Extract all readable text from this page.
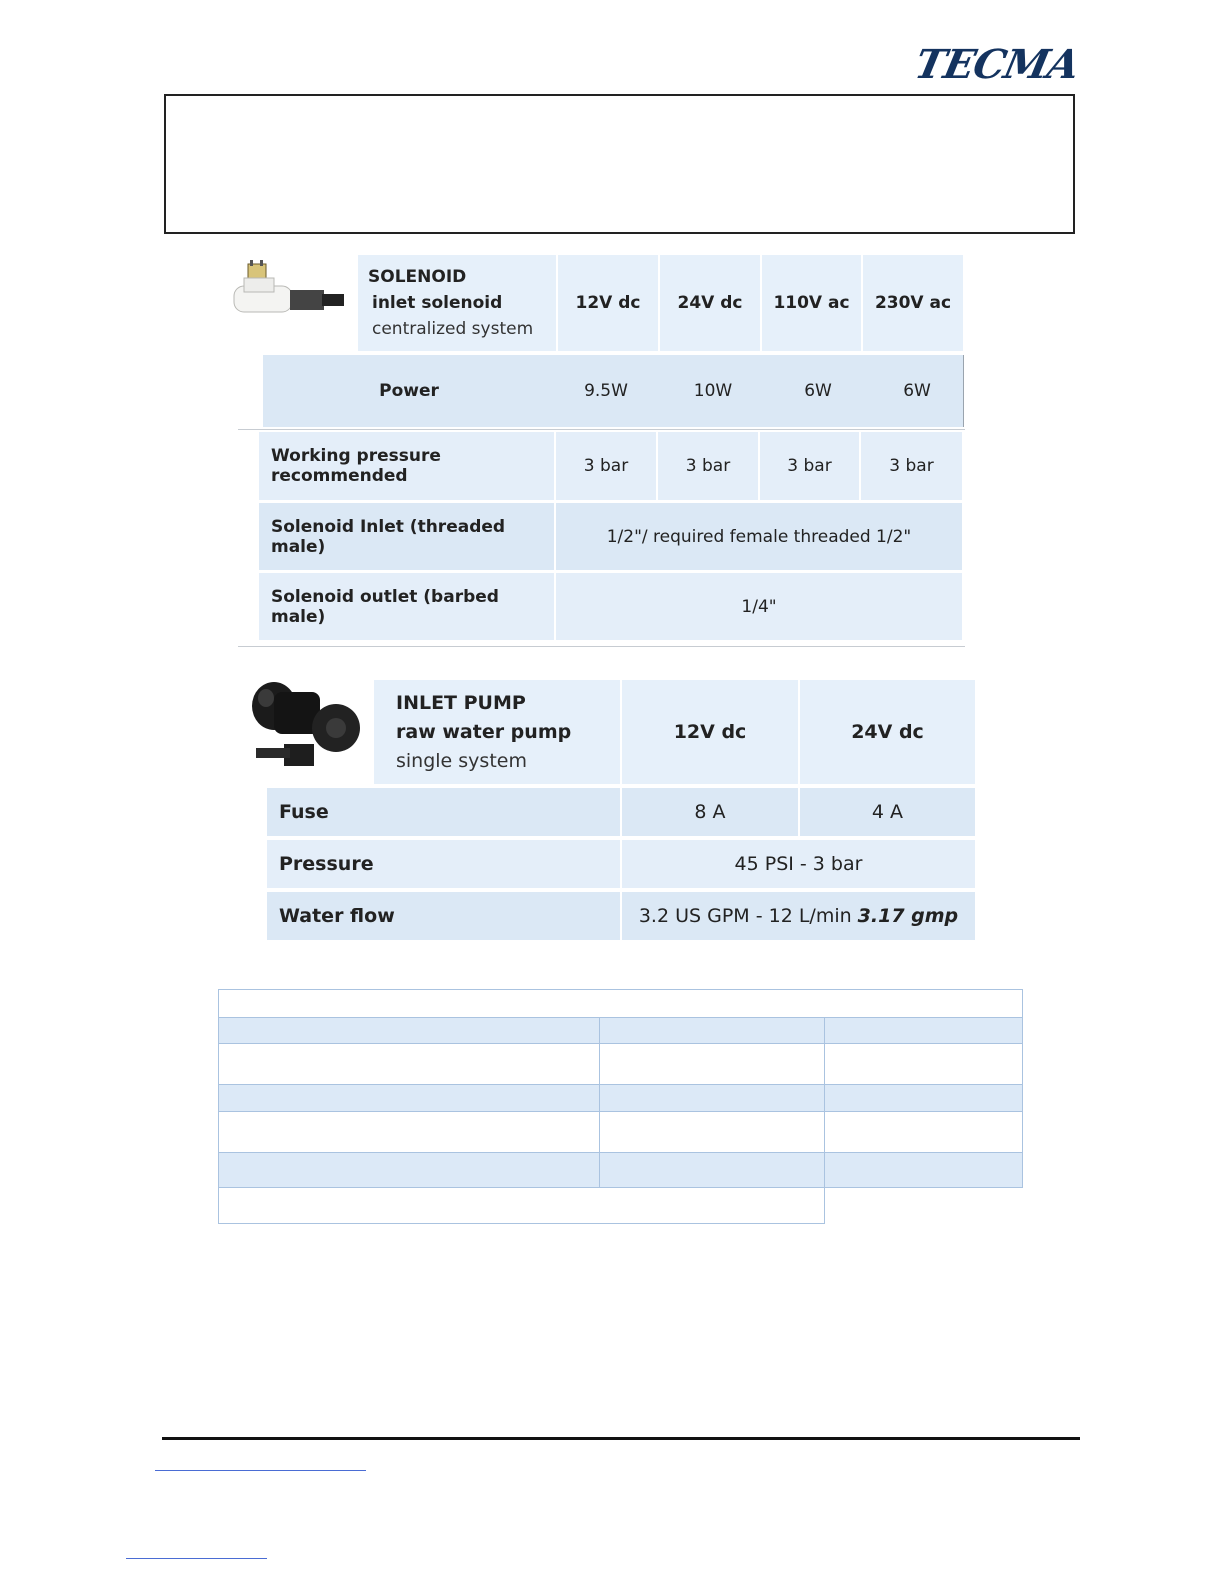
TECMA
SOLENOID
inlet solenoid
centralized system
12V dc	24V dc	110V ac	230V ac
Power	9.5W	10W	6W	6W
Working pressure recommended	3 bar	3 bar	3 bar	3 bar
Solenoid Inlet (threaded male)	1/2"/ required female threaded 1/2"
Solenoid outlet (barbed male)	1/4"
INLET PUMP
raw water pump
single system
12V dc	24V dc
Fuse	8 A	4 A
Pressure	45 PSI - 3 bar
Water flow	3.2 US GPM - 12 L/min 3.17 gmp
